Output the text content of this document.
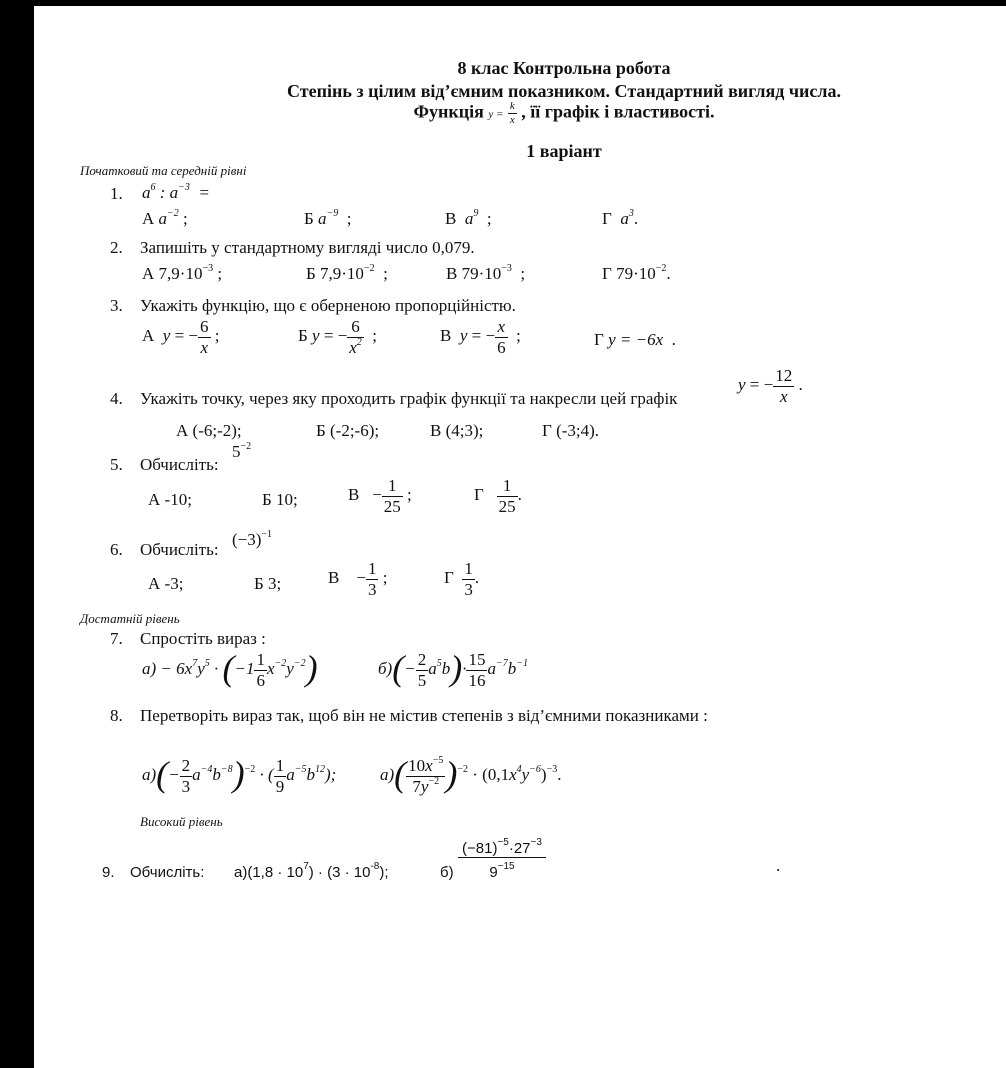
8 клас Контрольна робота
Степінь з цілим від’ємним показником. Стандартний вигляд числа.
Функція $y = \frac{k}{x}$ , її графік і властивості.
1 варіант
Початковий та середній рівні
1. $a^6$ : $a^{-3}$  =
А $a^{-2}$ ;	Б $a^{-9}$  ;	В $a^9$  ;	Г $a^3$.
2. Запишіть у стандартному вигляді число 0,079.
А $7,9\cdot 10^{-3}$ ;	Б $7,9\cdot 10^{-2}$  ;	В $79\cdot 10^{-3}$  ;	Г $79\cdot 10^{-2}$.
3. Укажіть функцію, що є оберненою пропорційністю.
А y = − $\frac{6}{x}$ ;	Б y = − $\frac{6}{x^2}$ ;	В y = − $\frac{x}{6}$ ;	Г y = −6x  .
4. Укажіть точку, через яку проходить графік функції та накресли цей графік
y = − $\frac{12}{x}$ .
А (-6;-2);	Б (-2;-6);	В (4;3);	Г (-3;4).
5. Обчисліть:
$5^{-2}$
А -10;	Б 10;	$В - \frac{1}{25}$ ;	Г $\frac{1}{25}$ .
6. Обчисліть:
$(-3)^{-1}$
А -3;	Б 3;	В    − $\frac{1}{3}$ ;	Г $\frac{1}{3}$ .
Достатній рівень
7. Спростіть вираз :
$а) - 6x^7y^5 \cdot (-1 \frac{1}{6} x^{-2}y^{-2})$	$б)(- \frac{2}{5} a^5b)\cdot \frac{15}{16} a^{-7}b^{-1}$
8. Перетворіть вираз так, щоб він не містив степенів з від’ємними показниками :
$а)(- \frac{2}{3} a^{-4}b^{-8})^{-2}$ · ( $\frac{1}{9} a^{-5}b^{12}$);	$а)( \frac{10x^{-5}}{7y^{-2}} )^{-2} \cdot (0,1x^4y^{-6})^{-3}$.
Високий рівень
9. Обчисліть: $а)(1,8 \cdot 10^7) \cdot (3 \cdot 10^{-8})$;	$б) \frac{(-81)^{-5}\cdot 27^{-3}}{9^{-15}}$	.
